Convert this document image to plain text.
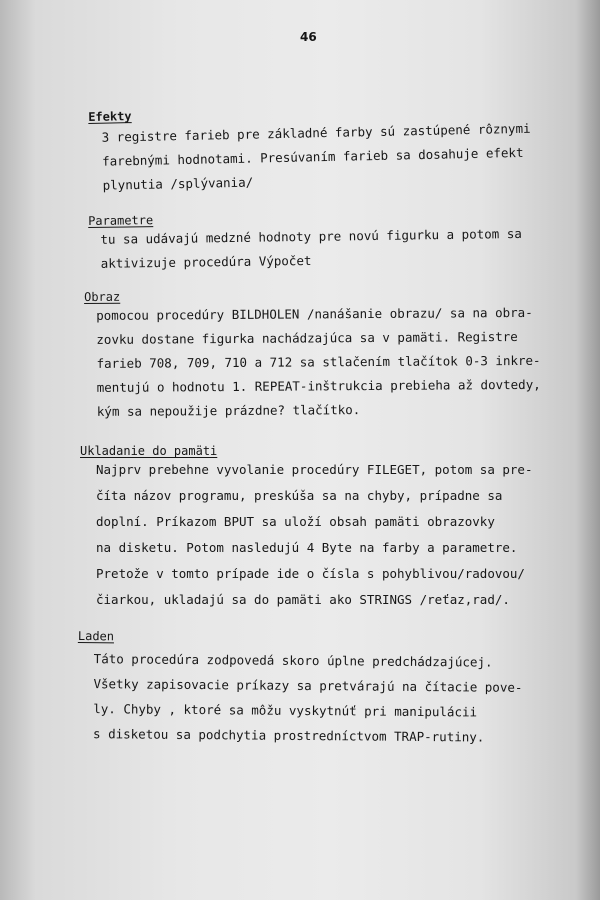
46
Efekty
3 registre farieb pre základné farby sú zastúpené rôznymi
farebnými hodnotami. Presúvaním farieb sa dosahuje efekt
plynutia /splývania/
Parametre
tu sa udávajú medzné hodnoty pre novú figurku a potom sa
aktivizuje procedúra Výpočet
Obraz
pomocou procedúry BILDHOLEN /nanášanie obrazu/ sa na obra-
zovku dostane figurka nachádzajúca sa v pamäti. Registre
farieb 708, 709, 710 a 712 sa stlačením tlačítok 0-3 inkre-
mentujú o hodnotu 1. REPEAT-inštrukcia prebieha až dovtedy,
kým sa nepoužije prázdne? tlačítko.
Ukladanie do pamäti
Najprv prebehne vyvolanie procedúry FILEGET, potom sa pre-
číta názov programu, preskúša sa na chyby, prípadne sa
doplní. Príkazom BPUT sa uloží obsah pamäti obrazovky
na disketu. Potom nasledujú 4 Byte na farby a parametre.
Pretože v tomto prípade ide o čísla s pohyblivou/radovou/
čiarkou, ukladajú sa do pamäti ako STRINGS /reťaz,rad/.
Laden
Táto procedúra zodpovedá skoro úplne predchádzajúcej.
Všetky zapisovacie príkazy sa pretvárajú na čítacie pove-
ly. Chyby , ktoré sa môžu vyskytnúť pri manipulácii
s disketou sa podchytia prostredníctvom TRAP-rutiny.
